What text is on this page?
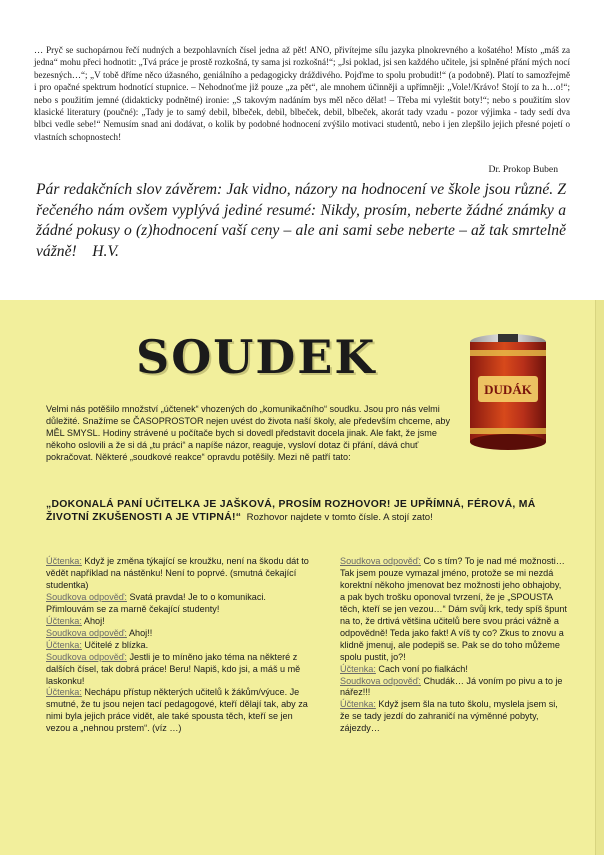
… Pryč se suchopárnou řečí nudných a bezpohlavních čísel jedna až pět! ANO, přivítejme sílu jazyka plnokrevného a košatého! Místo „máš za jedna“ mohu přeci hodnotit: „Tvá práce je prostě rozkošná, ty sama jsi rozkošná!“; „Jsi poklad, jsi sen každého učitele, jsi splněné přání mých nocí bezesných…“; „V tobě dříme něco úžasného, geniálního a pedagogicky dráždivého. Pojďme to spolu probudit!“ (a podobně). Platí to samozřejmě i pro opačné spektrum hodnotící stupnice. – Nehodnoťme již pouze „za pět“, ale mnohem účinněji a upřímněji: „Vole!/Krávo! Stojí to za h…o!“; nebo s použitím jemné (didakticky podnětné) ironie: „S takovým nadáním bys měl něco dělat! – Třeba mi vyleštit boty!“; nebo s použitím slov klasické literatury (poučné): „Tady je to samý debil, blbeček, debil, blbeček, debil, blbeček, akorát tady vzadu - pozor výjimka - tady sedí dva blbci vedle sebe!“ Nemusím snad ani dodávat, o kolik by podobné hodnocení zvýšilo motivaci studentů, nebo i jen zlepšilo jejich přesné pojetí o vlastních schopnostech!

Dr. Prokop Buben

Pár redakčních slov závěrem: Jak vidno, názory na hodnocení ve škole jsou různé. Z řečeného nám ovšem vyplývá jediné resumé: Nikdy, prosím, neberte žádné známky a žádné pokusy o (z)hodnocení vaší ceny – ale ani sami sebe neberte – až tak smrtelně vážně! H.V.

SOUDEK
DUDÁK

Velmi nás potěšilo množství „účtenek“ vhozených do „komunikačního“ soudku. Jsou pro nás velmi důležité. Snažíme se ČASOPROSTOR nejen uvést do života naší školy, ale především chceme, aby MĚL SMYSL. Hodiny strávené u počítače bych si dovedl představit docela jinak. Ale fakt, že jsme někoho oslovili a že si dá „tu práci“ a napíše názor, reaguje, vysloví dotaz či přání, dává chuť pokračovat. Některé „soudkové reakce“ opravdu potěšily. Mezi ně patří tato:

„DOKONALÁ PANÍ UČITELKA JE JAŠKOVÁ, PROSÍM ROZHOVOR! JE UPŘÍMNÁ, FÉROVÁ, MÁ ŽIVOTNÍ ZKUŠENOSTI A JE VTIPNÁ!“ Rozhovor najdete v tomto čísle. A stojí zato!

Účtenka: Když je změna týkající se kroužku, není na škodu dát to vědět například na nástěnku! Není to poprvé. (smutná čekající studentka)

Soudkova odpověď: Svatá pravda! Je to o komunikaci. Přimlouvám se za marně čekající studenty!

Účtenka: Ahoj!

Soudkova odpověď: Ahoj!!

Účtenka: Učitelé z blízka.

Soudkova odpověď: Jestli je to míněno jako téma na některé z dalších čísel, tak dobrá práce! Beru! Napiš, kdo jsi, a máš u mě laskonku!

Účtenka: Nechápu přístup některých učitelů k žákům/výuce. Je smutné, že tu jsou nejen tací pedagogové, kteří dělají tak, aby za nimi byla jejich práce vidět, ale také spousta těch, kteří se jen vezou a „nehnou prstem“. (víz …)

Soudkova odpověď: Co s tím? To je nad mé možnosti… Tak jsem pouze vymazal jméno, protože se mi nezdá korektní někoho jmenovat bez možnosti jeho obhajoby, a pak bych trošku oponoval tvrzení, že je „SPOUSTA těch, kteří se jen vezou…“ Dám svůj krk, tedy spíš špunt na to, že drtivá většina učitelů bere svou práci vážně a odpovědně! Teda jako fakt! A víš ty co? Zkus to znovu a klidně jmenuj, ale podepiš se. Pak se do toho můžeme spolu pustit, jo?!

Účtenka: Cach voní po fialkách!

Soudkova odpověď: Chudák… Já voním po pivu a to je nářez!!!

Účtenka: Když jsem šla na tuto školu, myslela jsem si, že se tady jezdí do zahraničí na výměnné pobyty, zájezdy…
